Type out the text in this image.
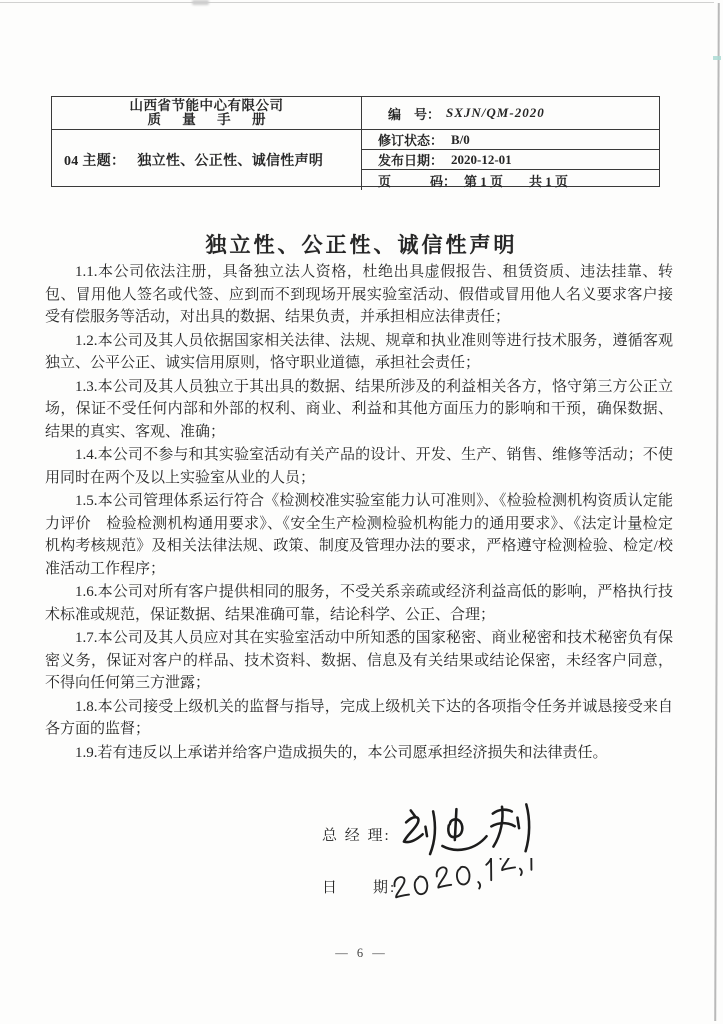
山西省节能中心有限公司
质 量 手 册	编　号： SXJN/QM-2020
04 主题： 独立性、公正性、诚信性声明
修订状态： B/0
发布日期： 2020-12-01
页　　　码： 第 1 页　　共 1 页
独立性、公正性、诚信性声明

1.1.本公司依法注册，具备独立法人资格，杜绝出具虚假报告、租赁资质、违法挂靠、转包、冒用他人签名或代签、应到而不到现场开展实验室活动、假借或冒用他人名义要求客户接受有偿服务等活动，对出具的数据、结果负责，并承担相应法律责任；

1.2.本公司及其人员依据国家相关法律、法规、规章和执业准则等进行技术服务，遵循客观独立、公平公正、诚实信用原则，恪守职业道德，承担社会责任；

1.3.本公司及其人员独立于其出具的数据、结果所涉及的利益相关各方，恪守第三方公正立场，保证不受任何内部和外部的权利、商业、利益和其他方面压力的影响和干预，确保数据、结果的真实、客观、准确；

1.4.本公司不参与和其实验室活动有关产品的设计、开发、生产、销售、维修等活动；不使用同时在两个及以上实验室从业的人员；

1.5.本公司管理体系运行符合《检测校准实验室能力认可准则》、《检验检测机构资质认定能力评价　检验检测机构通用要求》、《安全生产检测检验机构能力的通用要求》、《法定计量检定机构考核规范》及相关法律法规、政策、制度及管理办法的要求，严格遵守检测检验、检定/校准活动工作程序；

1.6.本公司对所有客户提供相同的服务，不受关系亲疏或经济利益高低的影响，严格执行技术标准或规范，保证数据、结果准确可靠，结论科学、公正、合理；

1.7.本公司及其人员应对其在实验室活动中所知悉的国家秘密、商业秘密和技术秘密负有保密义务，保证对客户的样品、技术资料、数据、信息及有关结果或结论保密，未经客户同意，不得向任何第三方泄露；

1.8.本公司接受上级机关的监督与指导，完成上级机关下达的各项指令任务并诚恳接受来自各方面的监督；

1.9.若有违反以上承诺并给客户造成损失的，本公司愿承担经济损失和法律责任。

总 经 理:
日　　期:
— 6 —
